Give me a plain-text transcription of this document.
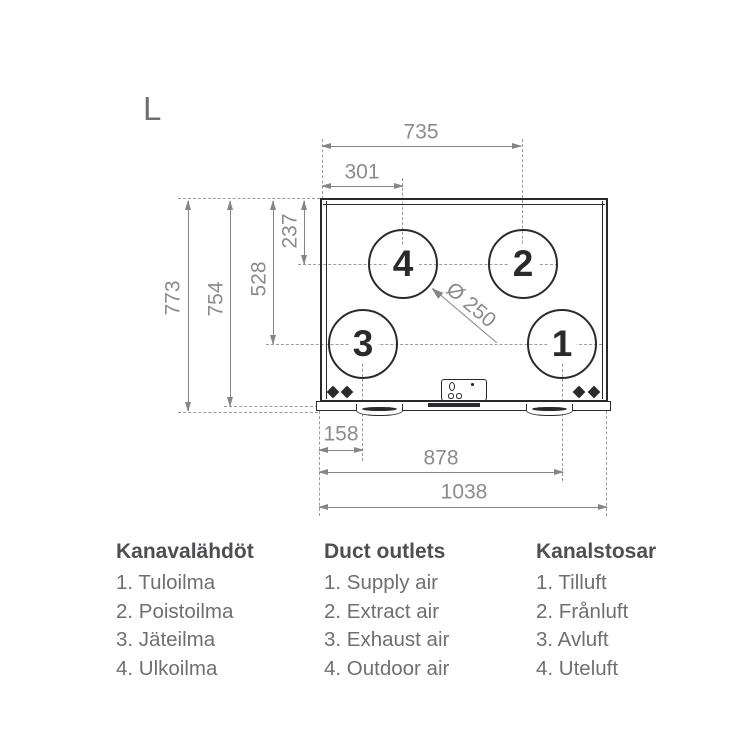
L
1
2
3
4
Ø 250
735
301
158
878
1038
773 754
528
237
Kanavalähdöt
1. Tuloilma
2. Poistoilma
3. Jäteilma
4. Ulkoilma
Duct outlets
1. Supply air
2. Extract air
3. Exhaust air
4. Outdoor air
Kanalstosar
1. Tilluft
2. Frånluft
3. Avluft
4. Uteluft
